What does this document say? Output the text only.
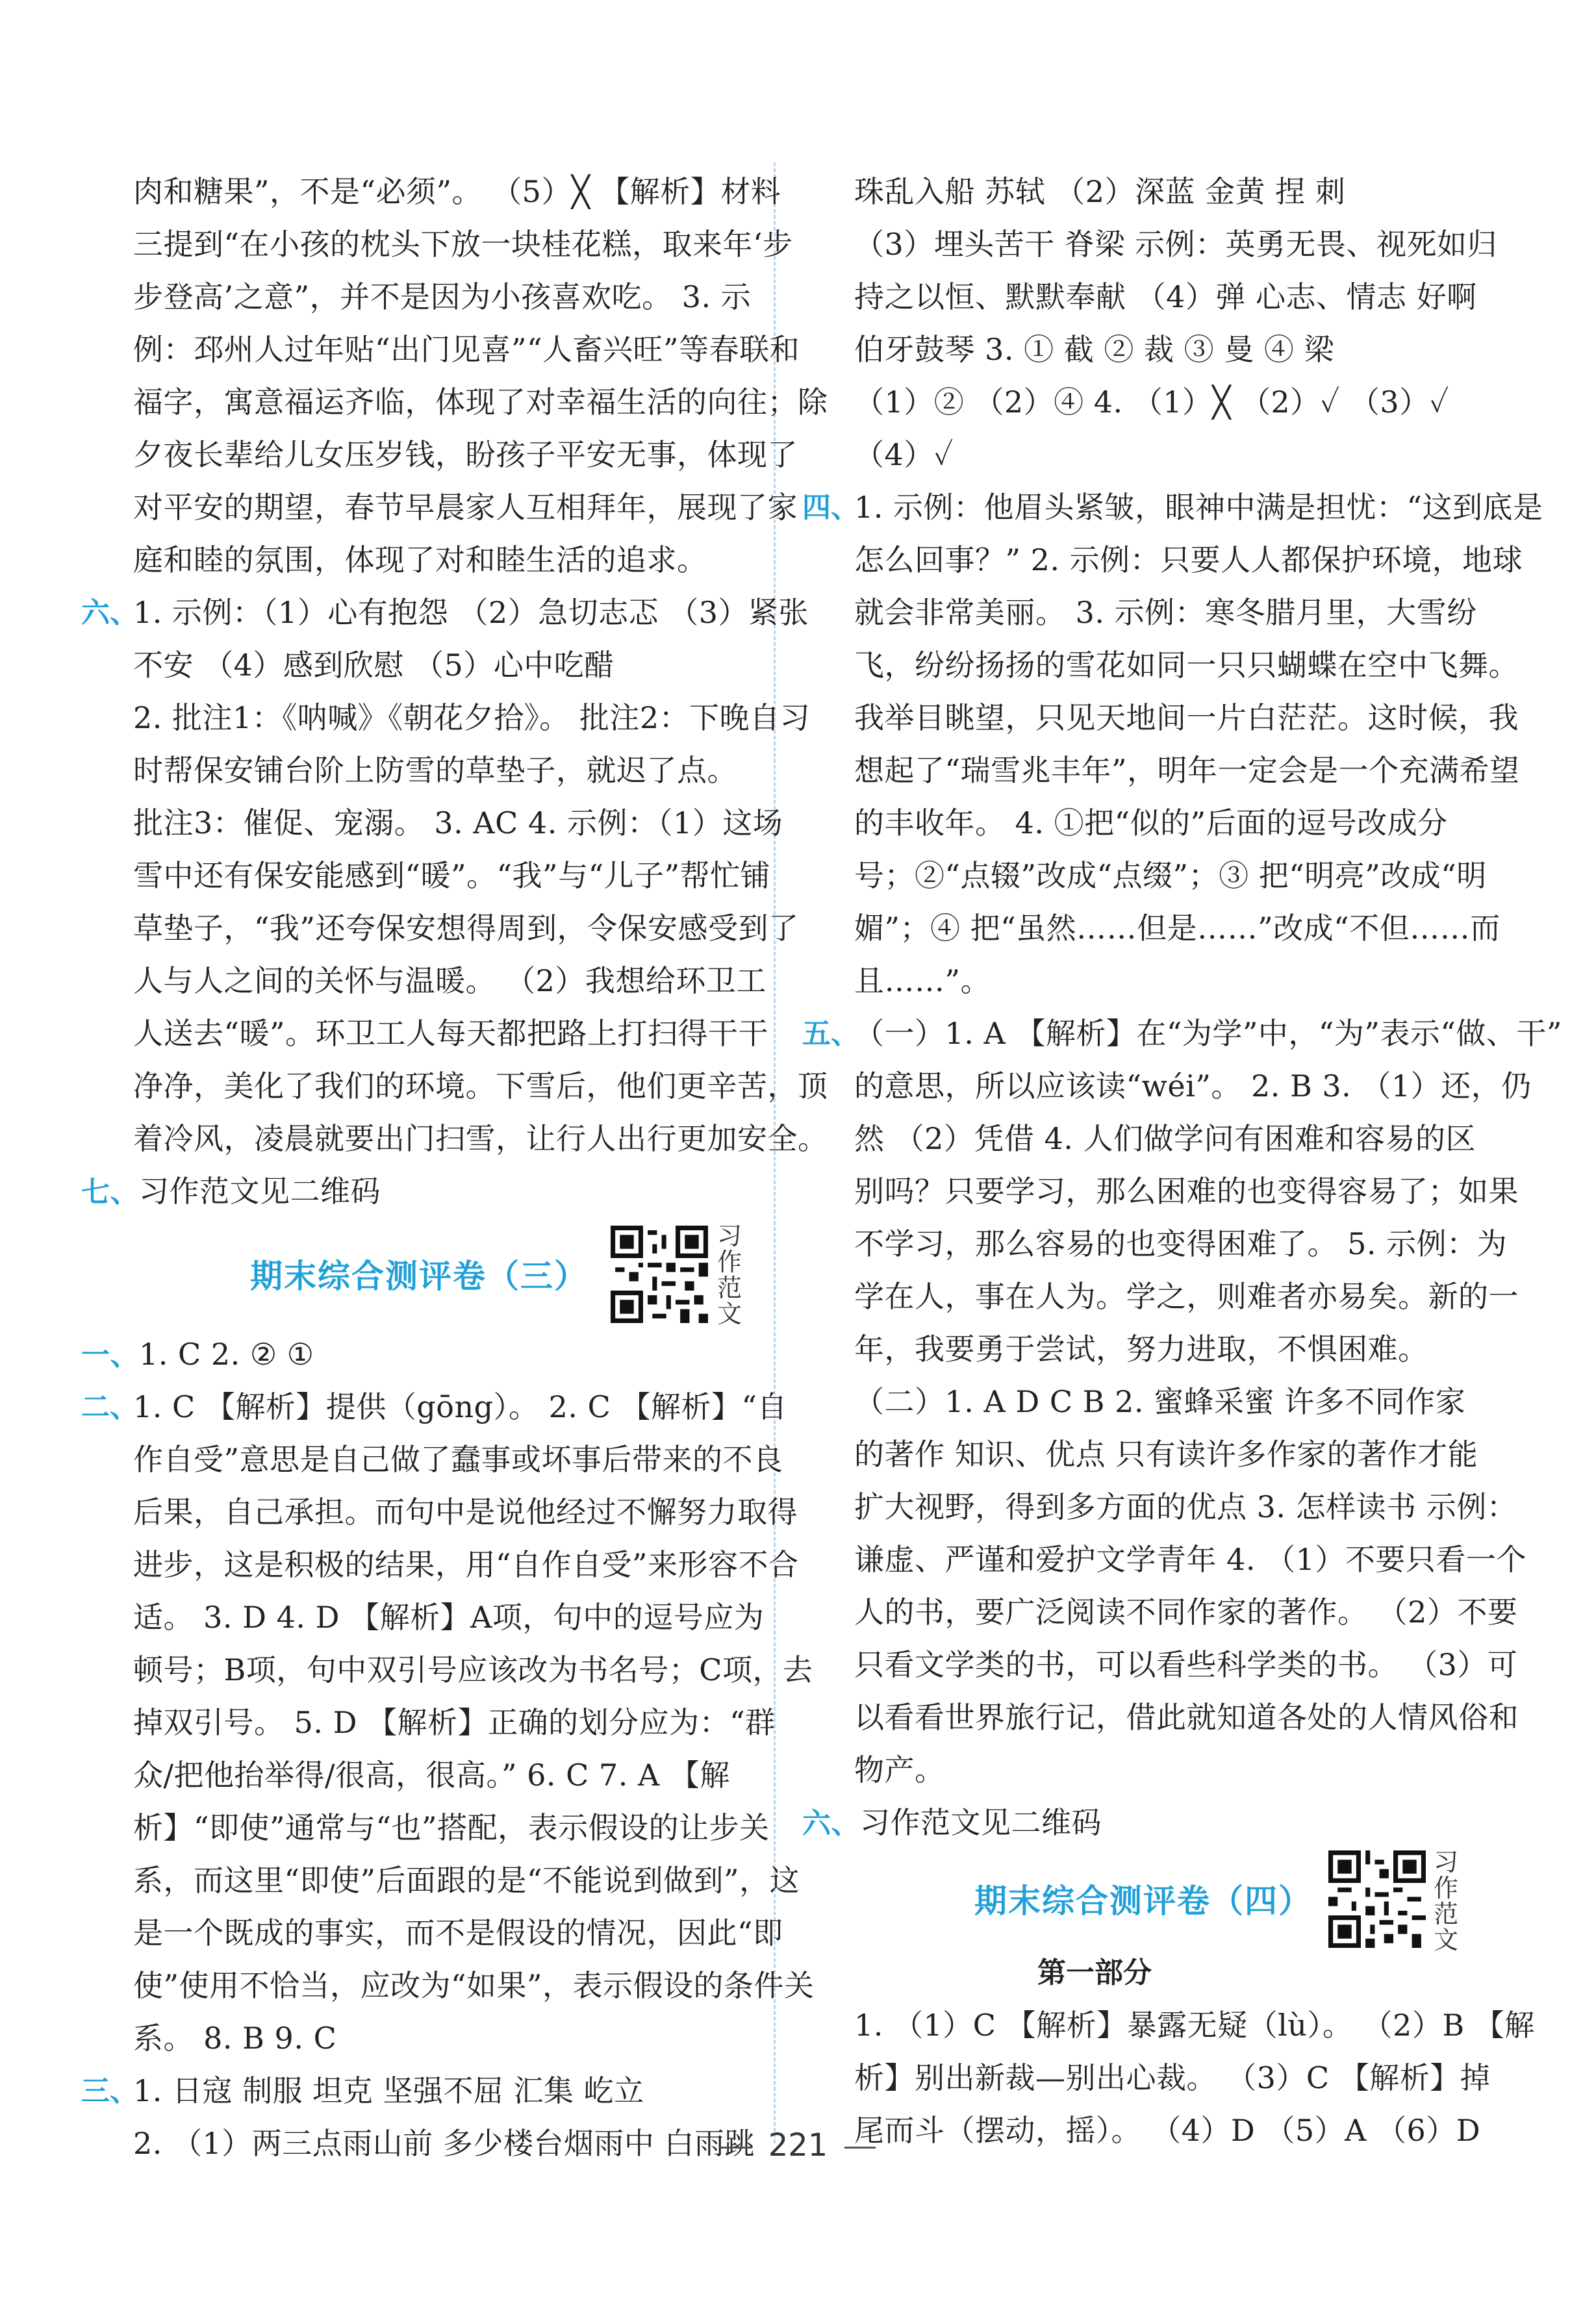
肉和糖果”，不是“必须”。 （5）╳ 【解析】材料
三提到“在小孩的枕头下放一块桂花糕，取来年‘步
步登高’之意”，并不是因为小孩喜欢吃。 3. 示
例：邳州人过年贴“出门见喜”“人畜兴旺”等春联和
福字，寓意福运齐临，体现了对幸福生活的向往；除
夕夜长辈给儿女压岁钱，盼孩子平安无事，体现了
对平安的期望，春节早晨家人互相拜年，展现了家
庭和睦的氛围，体现了对和睦生活的追求。
六、
1. 示例：（1）心有抱怨 （2）急切志忑 （3）紧张
不安 （4）感到欣慰 （5）心中吃醋
2. 批注1：《呐喊》《朝花夕拾》。 批注2：下晚自习
时帮保安铺台阶上防雪的草垫子，就迟了点。
批注3：催促、宠溺。 3. AC 4. 示例：（1）这场
雪中还有保安能感到“暖”。“我”与“儿子”帮忙铺
草垫子，“我”还夸保安想得周到，令保安感受到了
人与人之间的关怀与温暖。 （2）我想给环卫工
人送去“暖”。环卫工人每天都把路上打扫得干干
净净，美化了我们的环境。下雪后，他们更辛苦，顶
着冷风，凌晨就要出门扫雪，让行人出行更加安全。
七、习作范文见二维码
期末综合测评卷（三）
习作范文
一、1. C 2. ② ①
二、
1. C 【解析】提供（gōng）。 2. C 【解析】“自
作自受”意思是自己做了蠢事或坏事后带来的不良
后果，自己承担。而句中是说他经过不懈努力取得
进步，这是积极的结果，用“自作自受”来形容不合
适。 3. D 4. D 【解析】A项，句中的逗号应为
顿号；B项，句中双引号应该改为书名号；C项，去
掉双引号。 5. D 【解析】正确的划分应为：“群
众/把他抬举得/很高，很高。” 6. C 7. A 【解
析】“即使”通常与“也”搭配，表示假设的让步关
系，而这里“即使”后面跟的是“不能说到做到”，这
是一个既成的事实，而不是假设的情况，因此“即
使”使用不恰当，应改为“如果”，表示假设的条件关
系。 8. B 9. C
三、
1. 日寇 制服 坦克 坚强不屈 汇集 屹立
2. （1）两三点雨山前 多少楼台烟雨中 白雨跳
珠乱入船 苏轼 （2）深蓝 金黄 捏 刺
（3）埋头苦干 脊梁 示例：英勇无畏、视死如归
持之以恒、默默奉献 （4）弹 心志、情志 好啊
伯牙鼓琴 3. ① 截 ② 裁 ③ 曼 ④ 梁
（1）② （2）④ 4. （1）╳ （2）✓ （3）✓
（4）✓
四、
1. 示例：他眉头紧皱，眼神中满是担忧：“这到底是
怎么回事？” 2. 示例：只要人人都保护环境，地球
就会非常美丽。 3. 示例：寒冬腊月里，大雪纷
飞，纷纷扬扬的雪花如同一只只蝴蝶在空中飞舞。
我举目眺望，只见天地间一片白茫茫。这时候，我
想起了“瑞雪兆丰年”，明年一定会是一个充满希望
的丰收年。 4. ①把“似的”后面的逗号改成分
号；②“点辍”改成“点缀”；③ 把“明亮”改成“明
媚”；④ 把“虽然……但是……”改成“不但……而
且……”。
五、
（一）1. A 【解析】在“为学”中，“为”表示“做、干”
的意思，所以应该读“wéi”。 2. B 3. （1）还，仍
然 （2）凭借 4. 人们做学问有困难和容易的区
别吗？只要学习，那么困难的也变得容易了；如果
不学习，那么容易的也变得困难了。 5. 示例：为
学在人，事在人为。学之，则难者亦易矣。新的一
年，我要勇于尝试，努力进取，不惧困难。
（二）1. A D C B 2. 蜜蜂采蜜 许多不同作家
的著作 知识、优点 只有读许多作家的著作才能
扩大视野，得到多方面的优点 3. 怎样读书 示例：
谦虚、严谨和爱护文学青年 4. （1）不要只看一个
人的书，要广泛阅读不同作家的著作。 （2）不要
只看文学类的书，可以看些科学类的书。 （3）可
以看看世界旅行记，借此就知道各处的人情风俗和
物产。
六、习作范文见二维码
期末综合测评卷（四）
习作范文
第一部分
1. （1）C 【解析】暴露无疑（lù）。 （2）B 【解
析】别出新裁—别出心裁。 （3）C 【解析】掉
尾而斗（摆动，摇）。 （4）D （5）A （6）D
221
